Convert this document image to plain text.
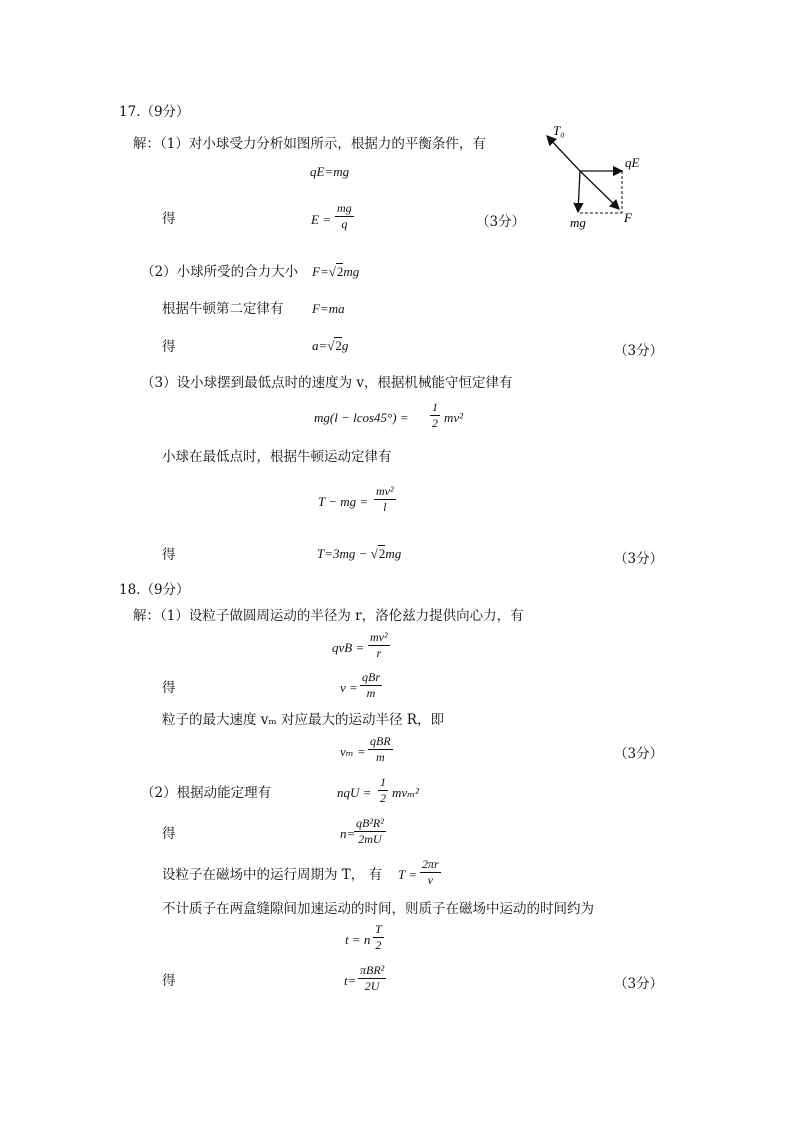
17.（9分）
解：（1）对小球受力分析如图所示，根据力的平衡条件，有
qE=mg
得	E =
mg
q	（3分）
T₀
qE
mg	F
（2）小球所受的合力大小 F=√2mg
根据牛顿第二定律有 F=ma
得	a=√2g	（3分）
（3）设小球摆到最低点时的速度为 v，根据机械能守恒定律有
mg(l − lcos45°) =
1
2 mv²
小球在最低点时，根据牛顿运动定律有
T − mg =
mv²
l
得	T=3mg − √2mg	（3分）
18.（9分）
解：（1）设粒子做圆周运动的半径为 r，洛伦兹力提供向心力，有
qvB =
mv²
r
得	v =
qBr
m
粒子的最大速度 vₘ 对应最大的运动半径 R，即
vₘ =
qBR
m	（3分）
（2）根据动能定理有	nqU =
1
2 mvₘ²
得	n=
qB²R²
2mU
设粒子在磁场中的运行周期为 T， 有 T =
2πr
v
不计质子在两盒缝隙间加速运动的时间，则质子在磁场中运动的时间约为
t = n
T
2
得	t=
πBR²
2U	（3分）
